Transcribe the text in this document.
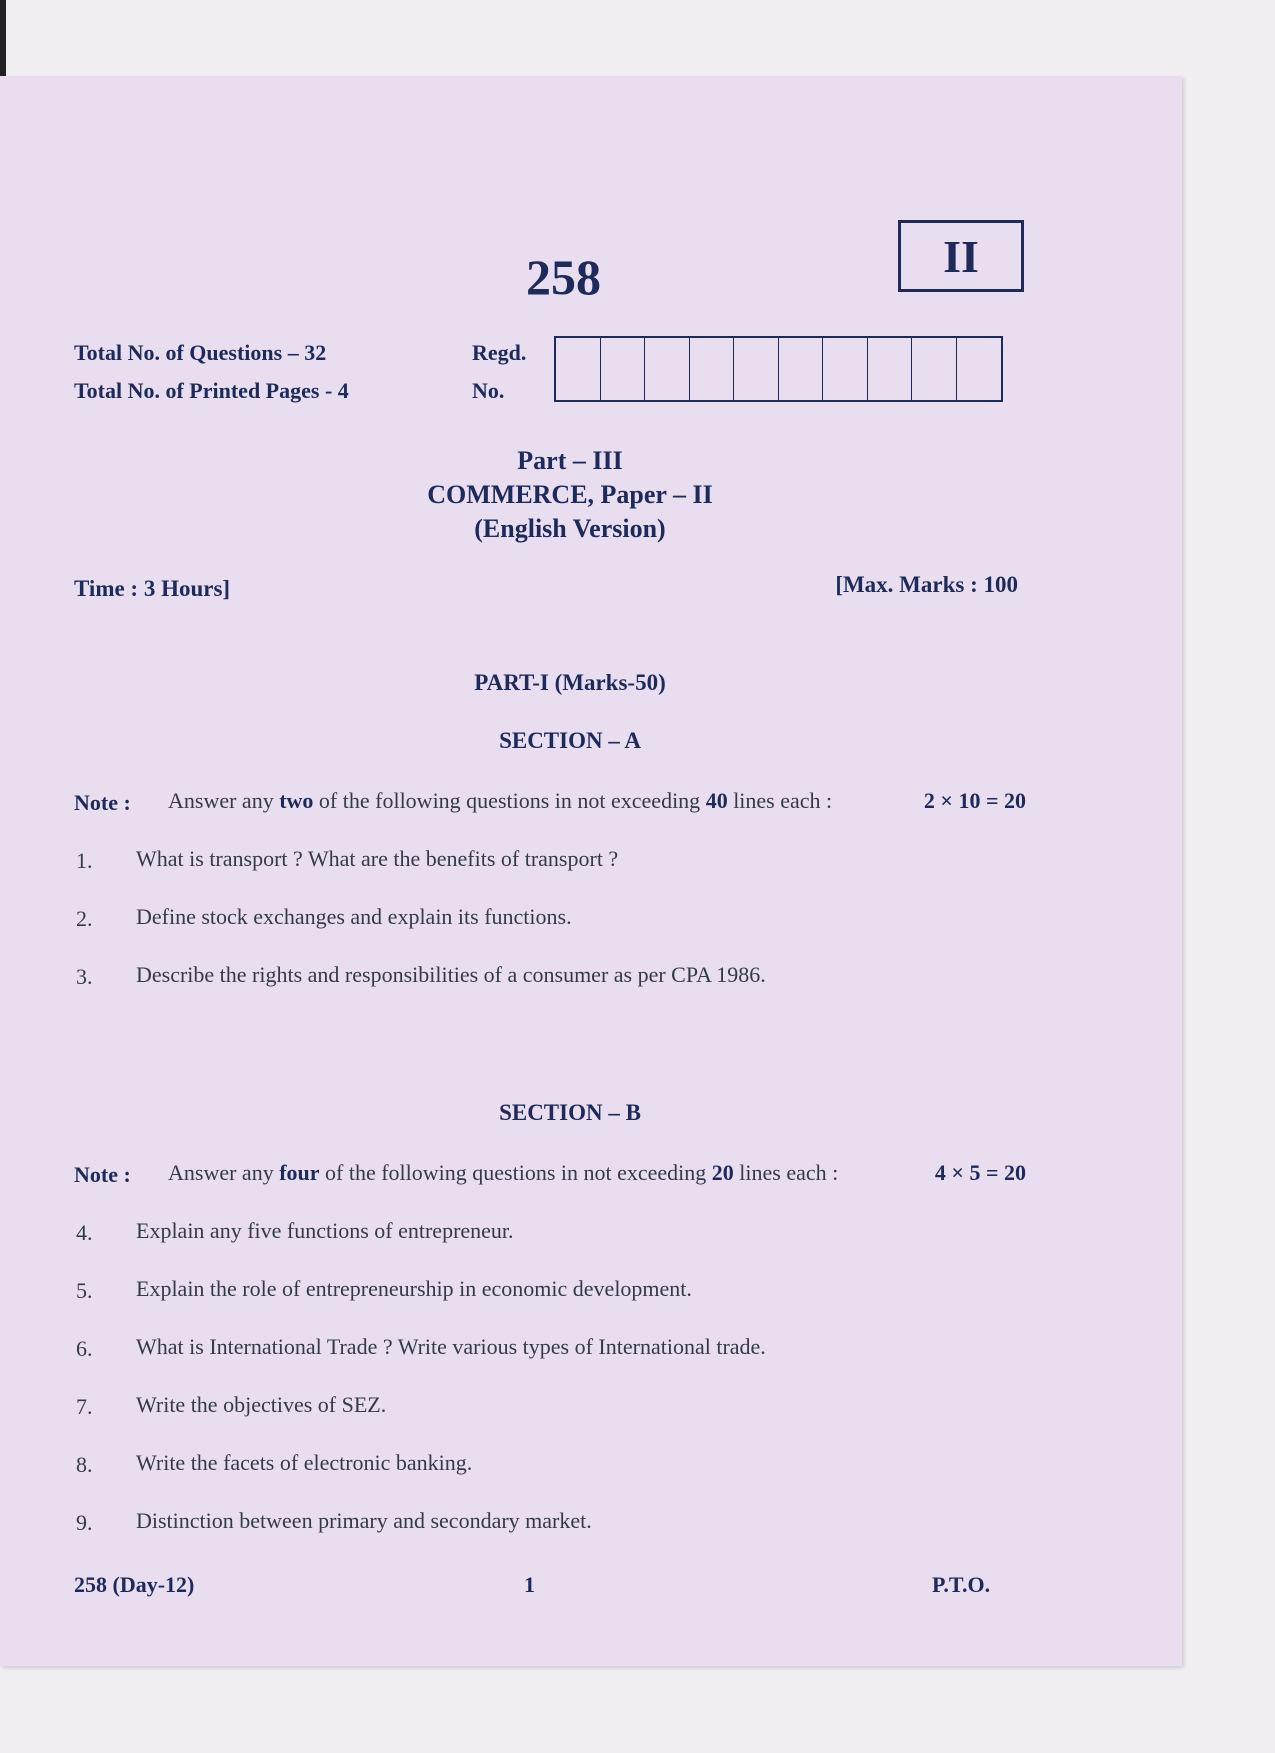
258	II
Total No. of Questions – 32
Total No. of Printed Pages - 4
Regd.
No.
Part – III
COMMERCE, Paper – II
(English Version)
Time : 3 Hours]	[Max. Marks : 100
PART-I (Marks-50)
SECTION – A
Note : Answer any two of the following questions in not exceeding 40 lines each :	2 × 10 = 20
1. What is transport ? What are the benefits of transport ?
2. Define stock exchanges and explain its functions.
3. Describe the rights and responsibilities of a consumer as per CPA 1986.
SECTION – B
Note : Answer any four of the following questions in not exceeding 20 lines each :	4 × 5 = 20
4. Explain any five functions of entrepreneur.
5. Explain the role of entrepreneurship in economic development.
6. What is International Trade ? Write various types of International trade.
7. Write the objectives of SEZ.
8. Write the facets of electronic banking.
9. Distinction between primary and secondary market.
258 (Day-12)	1	P.T.O.
